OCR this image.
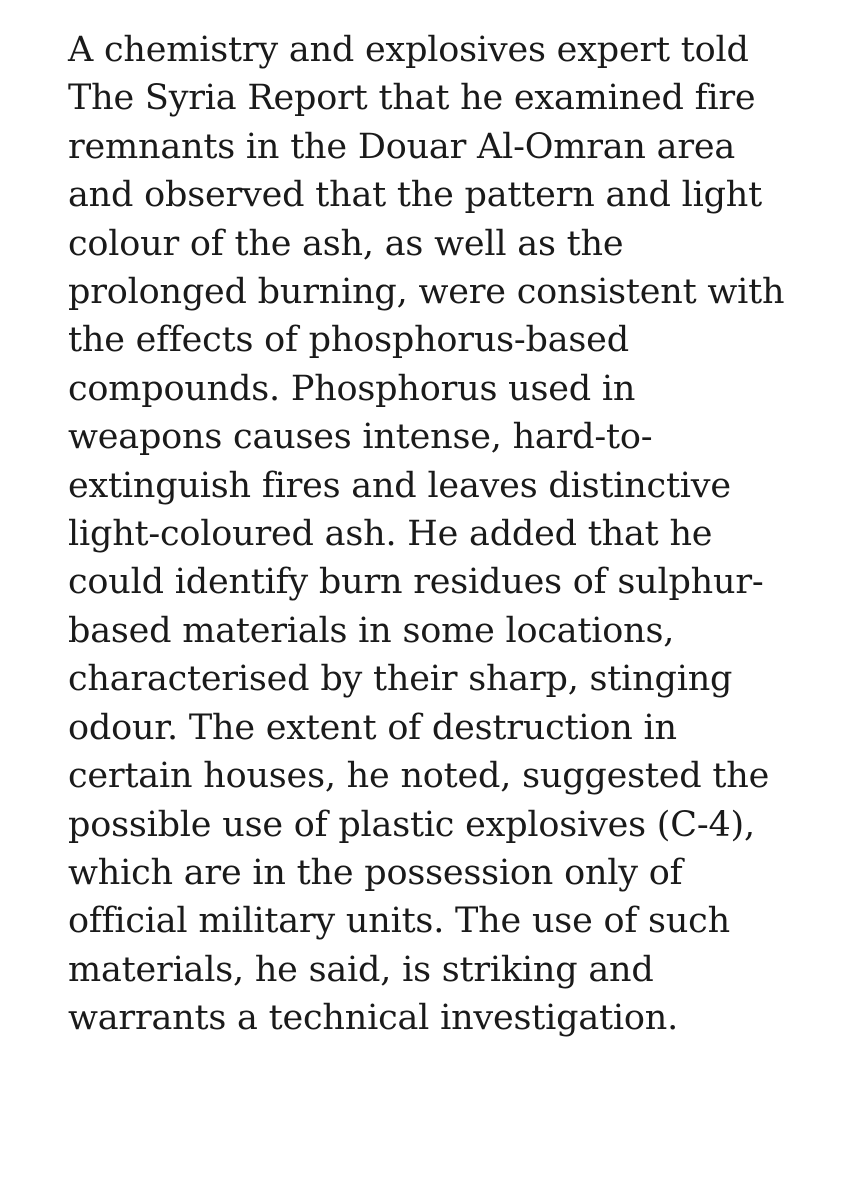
A chemistry and explosives expert told
The Syria Report that he examined fire
remnants in the Douar Al-Omran area
and observed that the pattern and light
colour of the ash, as well as the
prolonged burning, were consistent with
the effects of phosphorus-based
compounds. Phosphorus used in
weapons causes intense, hard-to-
extinguish fires and leaves distinctive
light-coloured ash. He added that he
could identify burn residues of sulphur-
based materials in some locations,
characterised by their sharp, stinging
odour. The extent of destruction in
certain houses, he noted, suggested the
possible use of plastic explosives (C-4),
which are in the possession only of
official military units. The use of such
materials, he said, is striking and
warrants a technical investigation.
